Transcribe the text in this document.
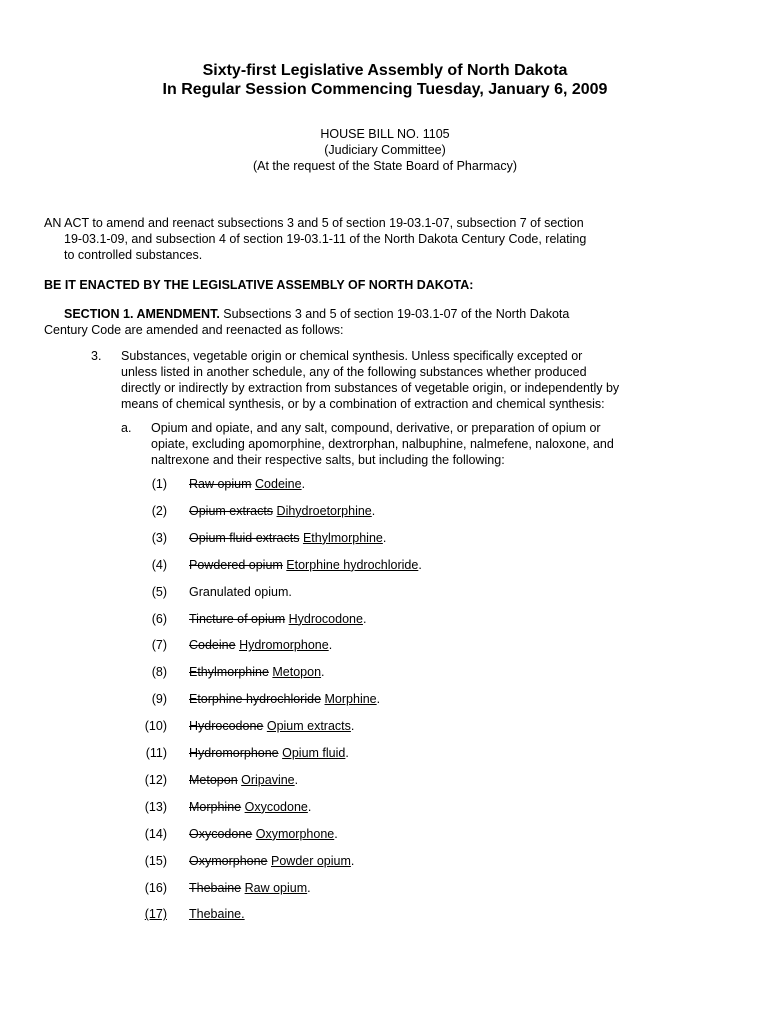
Sixty-first Legislative Assembly of North Dakota
In Regular Session Commencing Tuesday, January 6, 2009
HOUSE BILL NO. 1105
(Judiciary Committee)
(At the request of the State Board of Pharmacy)
AN ACT to amend and reenact subsections 3 and 5 of section 19-03.1-07, subsection 7 of section
19-03.1-09, and subsection 4 of section 19-03.1-11 of the North Dakota Century Code, relating
to controlled substances.
BE IT ENACTED BY THE LEGISLATIVE ASSEMBLY OF NORTH DAKOTA:
SECTION 1. AMENDMENT. Subsections 3 and 5 of section 19-03.1-07 of the North Dakota
Century Code are amended and reenacted as follows:
3. Substances, vegetable origin or chemical synthesis. Unless specifically excepted or
unless listed in another schedule, any of the following substances whether produced
directly or indirectly by extraction from substances of vegetable origin, or independently by
means of chemical synthesis, or by a combination of extraction and chemical synthesis:
a. Opium and opiate, and any salt, compound, derivative, or preparation of opium or
opiate, excluding apomorphine, dextrorphan, nalbuphine, nalmefene, naloxone, and
naltrexone and their respective salts, but including the following:
(1) Raw opium Codeine.
(2) Opium extracts Dihydroetorphine.
(3) Opium fluid extracts Ethylmorphine.
(4) Powdered opium Etorphine hydrochloride.
(5) Granulated opium.
(6) Tincture of opium Hydrocodone.
(7) Codeine Hydromorphone.
(8) Ethylmorphine Metopon.
(9) Etorphine hydrochloride Morphine.
(10) Hydrocodone Opium extracts.
(11) Hydromorphone Opium fluid.
(12) Metopon Oripavine.
(13) Morphine Oxycodone.
(14) Oxycodone Oxymorphone.
(15) Oxymorphone Powder opium.
(16) Thebaine Raw opium.
(17) Thebaine.
